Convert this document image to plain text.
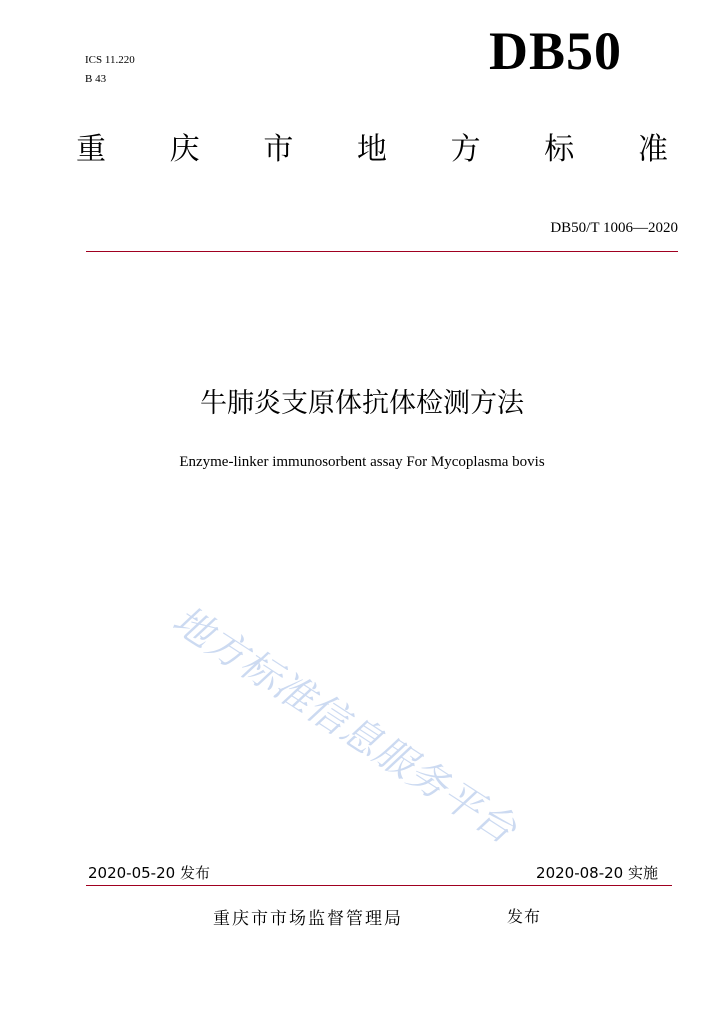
ICS 11.220
B 43	DB50
重 庆 市 地 方 标 准
DB50/T 1006—2020
牛肺炎支原体抗体检测方法
Enzyme-linker immunosorbent assay For Mycoplasma bovis
地方标准信息服务平台
2020-05-20 发布	2020-08-20 实施
重庆市市场监督管理局	发布
